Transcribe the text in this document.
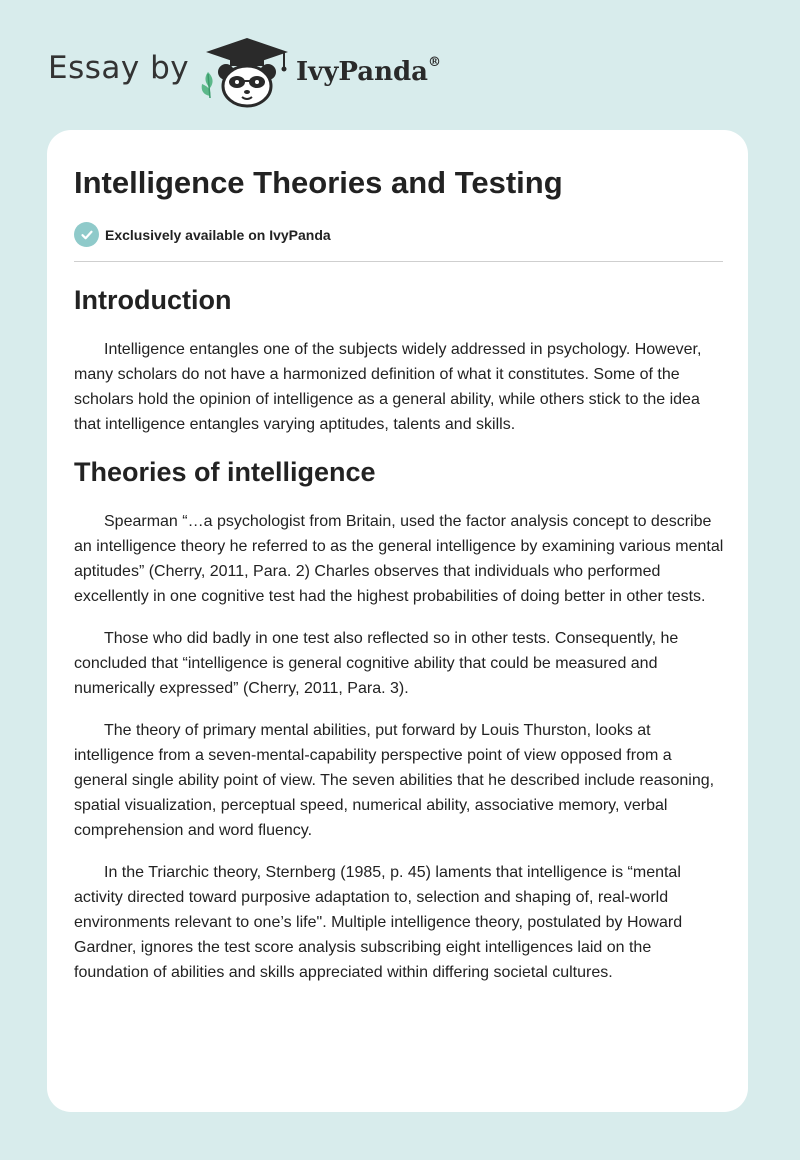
Essay by	IvyPanda®
Intelligence Theories and Testing
Exclusively available on IvyPanda
Introduction

Intelligence entangles one of the subjects widely addressed in psychology. However, many scholars do not have a harmonized definition of what it constitutes. Some of the scholars hold the opinion of intelligence as a general ability, while others stick to the idea that intelligence entangles varying aptitudes, talents and skills.

Theories of intelligence

Spearman “…a psychologist from Britain, used the factor analysis concept to describe an intelligence theory he referred to as the general intelligence by examining various mental aptitudes” (Cherry, 2011, Para. 2) Charles observes that individuals who performed excellently in one cognitive test had the highest probabilities of doing better in other tests.

Those who did badly in one test also reflected so in other tests. Consequently, he concluded that “intelligence is general cognitive ability that could be measured and numerically expressed” (Cherry, 2011, Para. 3).

The theory of primary mental abilities, put forward by Louis Thurston, looks at intelligence from a seven-mental-capability perspective point of view opposed from a general single ability point of view. The seven abilities that he described include reasoning, spatial visualization, perceptual speed, numerical ability, associative memory, verbal comprehension and word fluency.

In the Triarchic theory, Sternberg (1985, p. 45) laments that intelligence is “mental activity directed toward purposive adaptation to, selection and shaping of, real-world environments relevant to one’s life". Multiple intelligence theory, postulated by Howard Gardner, ignores the test score analysis subscribing eight intelligences laid on the foundation of abilities and skills appreciated within differing societal cultures.
